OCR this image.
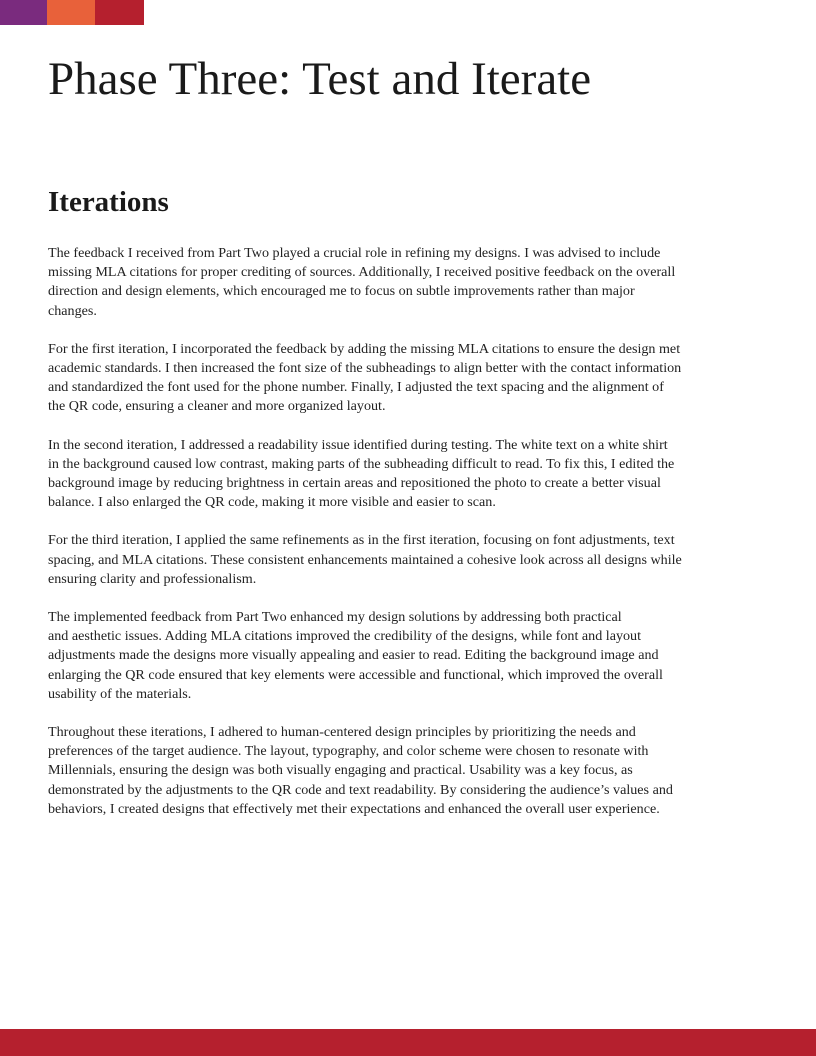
Phase Three: Test and Iterate
Iterations

The feedback I received from Part Two played a crucial role in refining my designs. I was advised to include
missing MLA citations for proper crediting of sources. Additionally, I received positive feedback on the overall
direction and design elements, which encouraged me to focus on subtle improvements rather than major
changes.

For the first iteration, I incorporated the feedback by adding the missing MLA citations to ensure the design met
academic standards. I then increased the font size of the subheadings to align better with the contact information
and standardized the font used for the phone number. Finally, I adjusted the text spacing and the alignment of
the QR code, ensuring a cleaner and more organized layout.

In the second iteration, I addressed a readability issue identified during testing. The white text on a white shirt
in the background caused low contrast, making parts of the subheading difficult to read. To fix this, I edited the
background image by reducing brightness in certain areas and repositioned the photo to create a better visual
balance. I also enlarged the QR code, making it more visible and easier to scan.

For the third iteration, I applied the same refinements as in the first iteration, focusing on font adjustments, text
spacing, and MLA citations. These consistent enhancements maintained a cohesive look across all designs while
ensuring clarity and professionalism.

The implemented feedback from Part Two enhanced my design solutions by addressing both practical
and aesthetic issues. Adding MLA citations improved the credibility of the designs, while font and layout
adjustments made the designs more visually appealing and easier to read. Editing the background image and
enlarging the QR code ensured that key elements were accessible and functional, which improved the overall
usability of the materials.

Throughout these iterations, I adhered to human-centered design principles by prioritizing the needs and
preferences of the target audience. The layout, typography, and color scheme were chosen to resonate with
Millennials, ensuring the design was both visually engaging and practical. Usability was a key focus, as
demonstrated by the adjustments to the QR code and text readability. By considering the audience’s values and
behaviors, I created designs that effectively met their expectations and enhanced the overall user experience.
